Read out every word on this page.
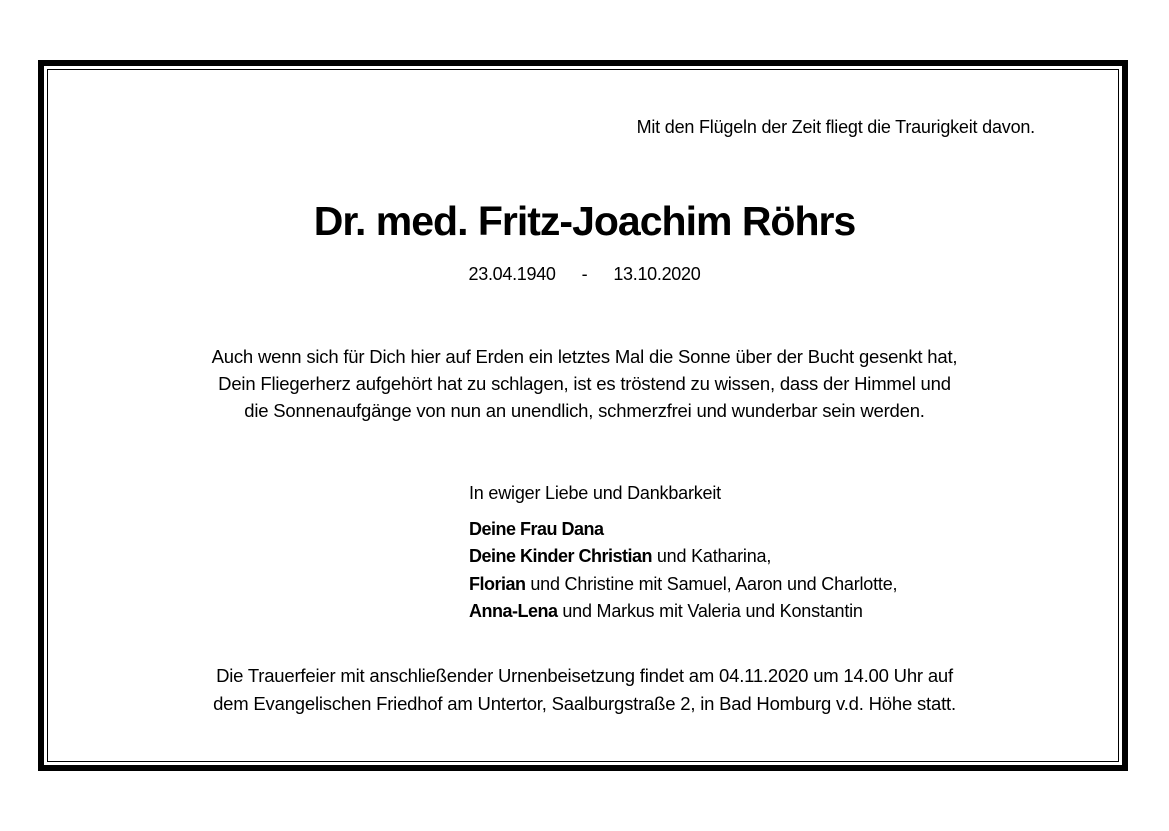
Mit den Flügeln der Zeit fliegt die Traurigkeit davon.
Dr. med. Fritz-Joachim Röhrs
23.04.1940 - 13.10.2020
Auch wenn sich für Dich hier auf Erden ein letztes Mal die Sonne über der Bucht gesenkt hat,
Dein Fliegerherz aufgehört hat zu schlagen, ist es tröstend zu wissen, dass der Himmel und
die Sonnenaufgänge von nun an unendlich, schmerzfrei und wunderbar sein werden.
In ewiger Liebe und Dankbarkeit
Deine Frau Dana
Deine Kinder Christian und Katharina,
Florian und Christine mit Samuel, Aaron und Charlotte,
Anna-Lena und Markus mit Valeria und Konstantin
Die Trauerfeier mit anschließender Urnenbeisetzung findet am 04.11.2020 um 14.00 Uhr auf
dem Evangelischen Friedhof am Untertor, Saalburgstraße 2, in Bad Homburg v.d. Höhe statt.
